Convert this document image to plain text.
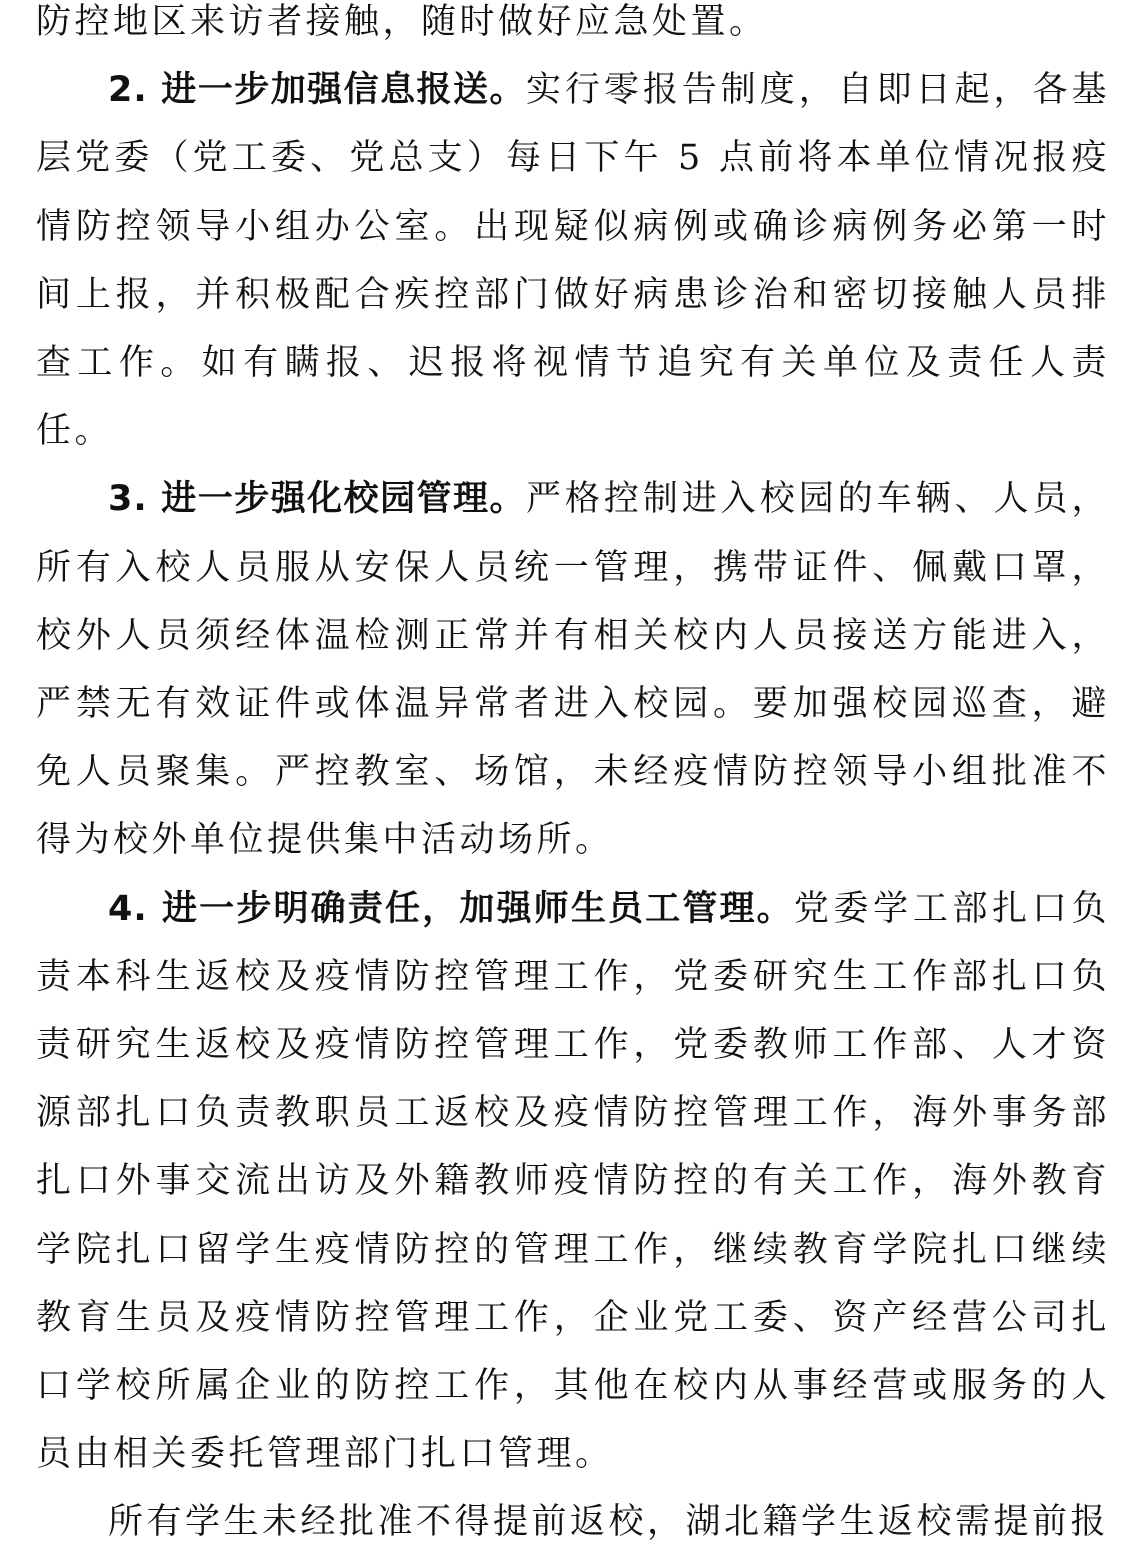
防控地区来访者接触，随时做好应急处置。

2. 进一步加强信息报送。实行零报告制度，自即日起，各基层党委（党工委、党总支）每日下午 5 点前将本单位情况报疫情防控领导小组办公室。出现疑似病例或确诊病例务必第一时间上报，并积极配合疾控部门做好病患诊治和密切接触人员排查工作。如有瞒报、迟报将视情节追究有关单位及责任人责任。

3. 进一步强化校园管理。严格控制进入校园的车辆、人员，所有入校人员服从安保人员统一管理，携带证件、佩戴口罩，校外人员须经体温检测正常并有相关校内人员接送方能进入，严禁无有效证件或体温异常者进入校园。要加强校园巡查，避免人员聚集。严控教室、场馆，未经疫情防控领导小组批准不得为校外单位提供集中活动场所。

4. 进一步明确责任，加强师生员工管理。党委学工部扎口负责本科生返校及疫情防控管理工作，党委研究生工作部扎口负责研究生返校及疫情防控管理工作，党委教师工作部、人才资源部扎口负责教职员工返校及疫情防控管理工作，海外事务部扎口外事交流出访及外籍教师疫情防控的有关工作，海外教育学院扎口留学生疫情防控的管理工作，继续教育学院扎口继续教育生员及疫情防控管理工作，企业党工委、资产经营公司扎口学校所属企业的防控工作，其他在校内从事经营或服务的人员由相关委托管理部门扎口管理。

所有学生未经批准不得提前返校，湖北籍学生返校需提前报
